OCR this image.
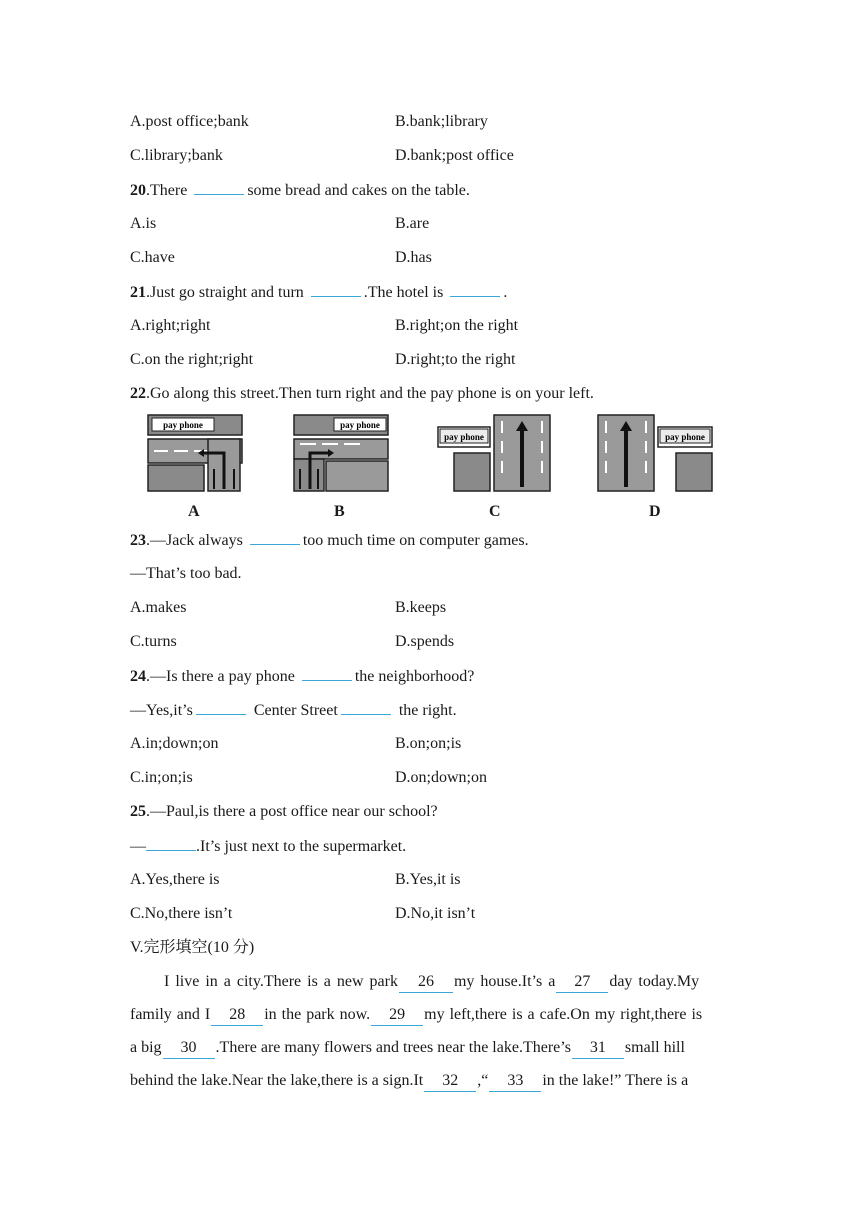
A.post office;bank	B.bank;library
C.library;bank	D.bank;post office
20.There	some bread and cakes on the table.
A.is	B.are
C.have	D.has
21.Just go straight and turn	.The hotel is	.
A.right;right	B.right;on the right
C.on the right;right	D.right;to the right
22.Go along this street.Then turn right and the pay phone is on your left.
pay phone
A
pay phone
B
pay phone
C
pay phone
D
23.—Jack always	too much time on computer games.
—That’s too bad.
A.makes	B.keeps
C.turns	D.spends
24.—Is there a pay phone	the neighborhood?
—Yes,it’s	Center Street	the right.
A.in;down;on	B.on;on;is
C.in;on;is	D.on;down;on
25.—Paul,is there a post office near our school?
—	.It’s just next to the supermarket.
A.Yes,there is	B.Yes,it is
C.No,there isn’t	D.No,it isn’t
V.完形填空(10 分)
I live in a city.There is a new park 26 my house.It’s a 27 day today.My
family and I 28 in the park now. 29 my left,there is a cafe.On my right,there is
a big 30 .There are many flowers and trees near the lake.There’s 31 small hill
behind the lake.Near the lake,there is a sign.It 32 ,“ 33 in the lake!” There is a
